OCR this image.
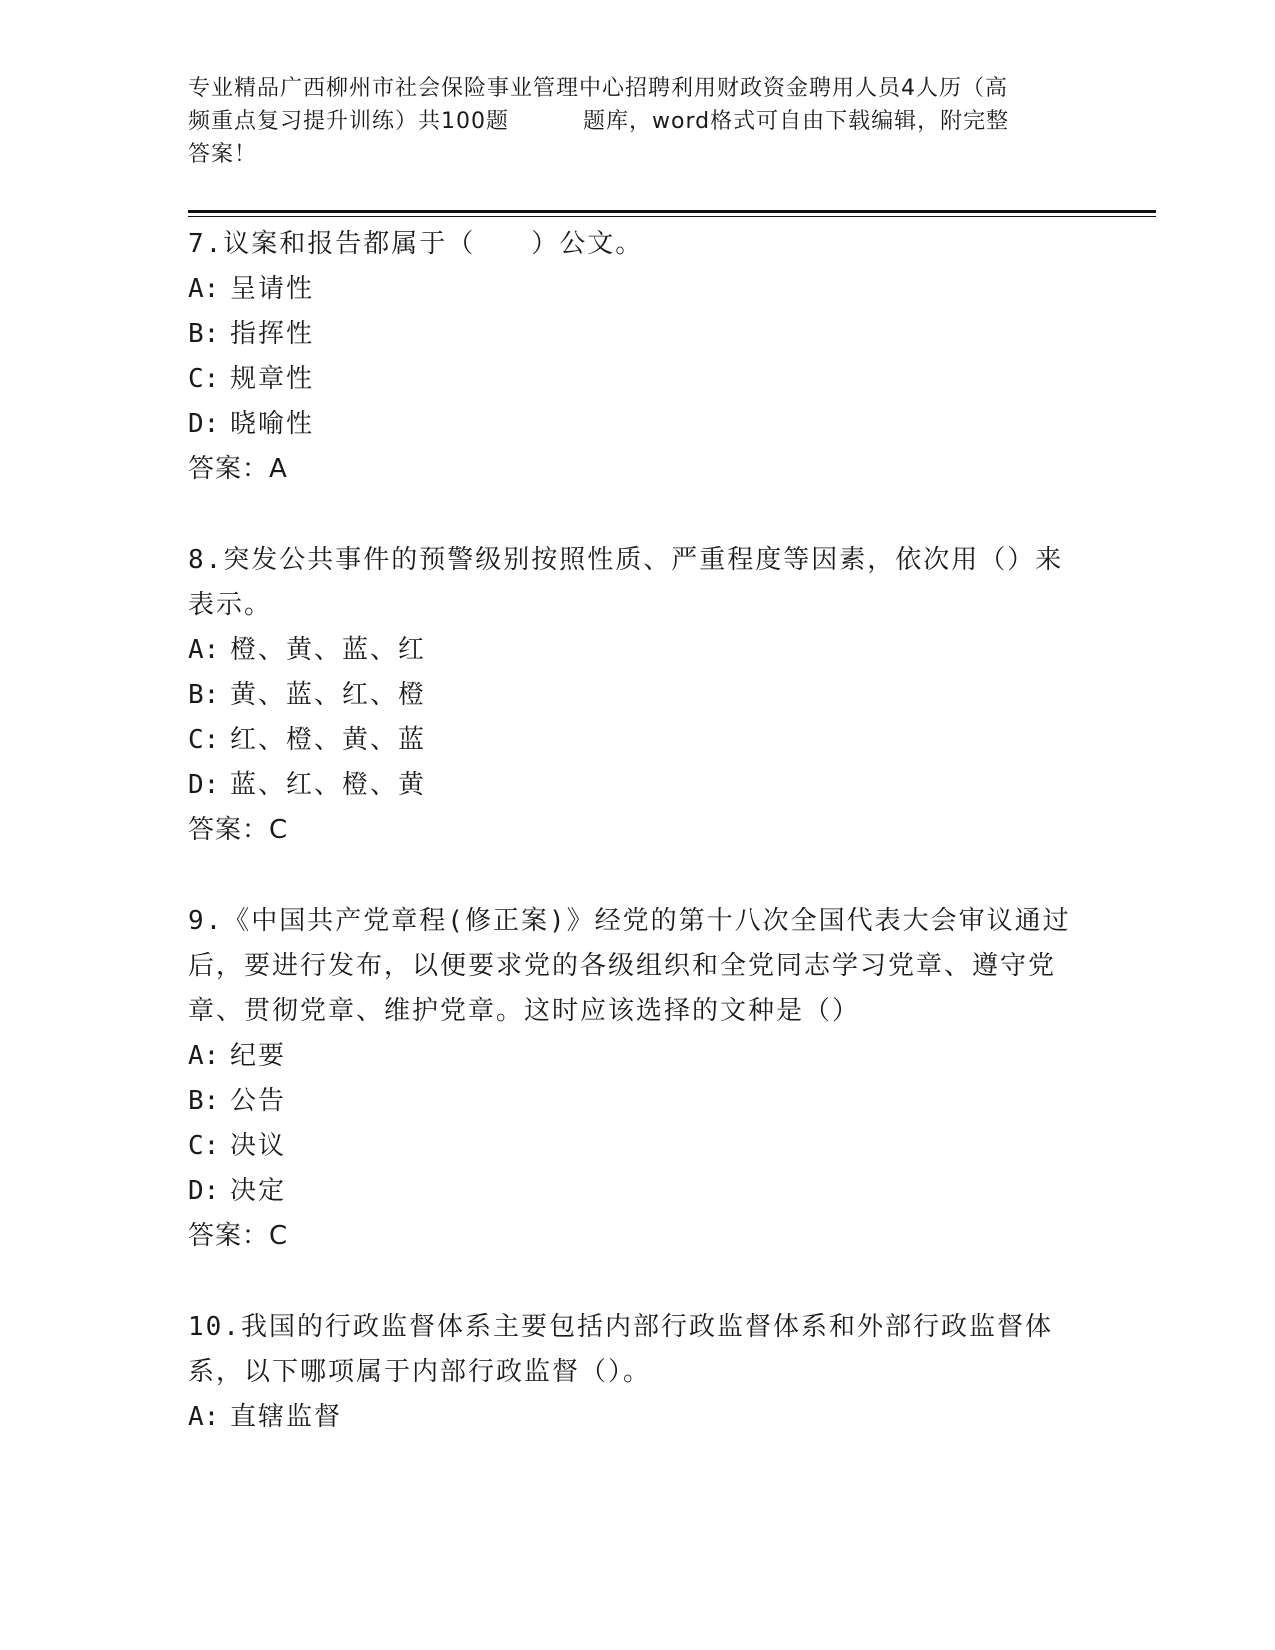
专业精品广西柳州市社会保险事业管理中心招聘利用财政资金聘用人员4人历（高
频重点复习提升训练）共100题	题库，word格式可自由下载编辑，附完整
答案！

7.议案和报告都属于（　　）公文。

A: 呈请性

B: 指挥性

C: 规章性

D: 晓喻性

答案：A

8.突发公共事件的预警级别按照性质、严重程度等因素，依次用（）来表示。

A: 橙、黄、蓝、红

B: 黄、蓝、红、橙

C: 红、橙、黄、蓝

D: 蓝、红、橙、黄

答案：C

9.《中国共产党章程(修正案)》经党的第十八次全国代表大会审议通过后，要进行发布，以便要求党的各级组织和全党同志学习党章、遵守党章、贯彻党章、维护党章。这时应该选择的文种是（）

A: 纪要

B: 公告

C: 决议

D: 决定

答案：C

10.我国的行政监督体系主要包括内部行政监督体系和外部行政监督体系，以下哪项属于内部行政监督（）。

A: 直辖监督
